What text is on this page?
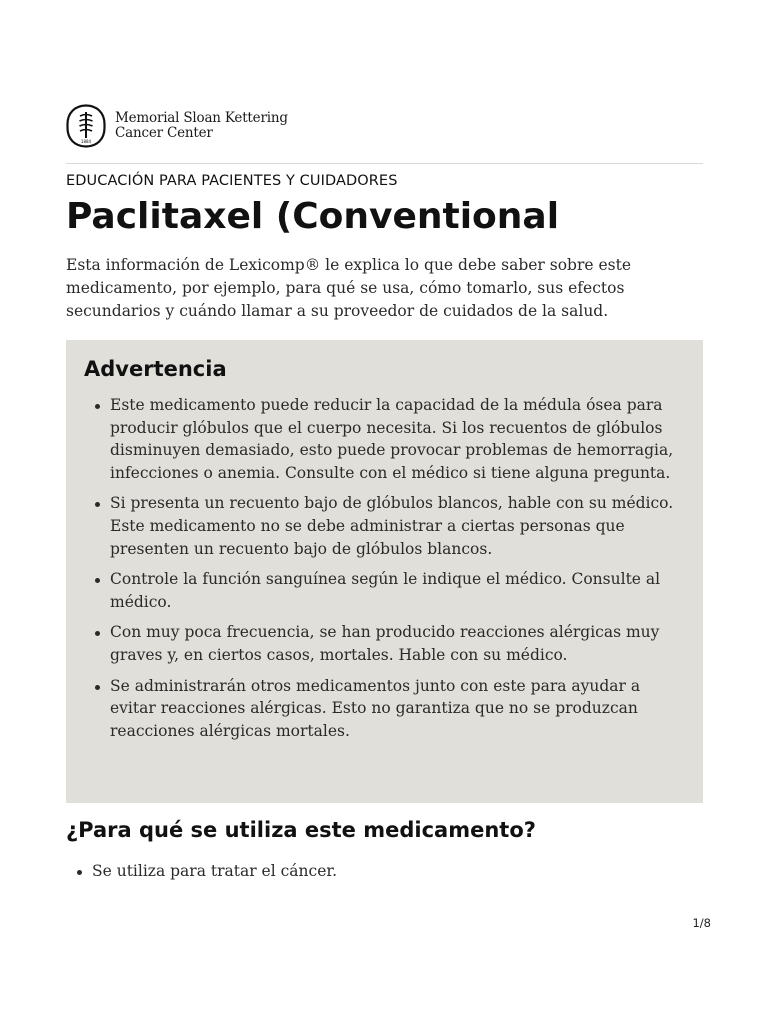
1884
Memorial Sloan Kettering
Cancer Center
EDUCACIÓN PARA PACIENTES Y CUIDADORES
Paclitaxel (Conventional

Esta información de Lexicomp® le explica lo que debe saber sobre este medicamento, por ejemplo, para qué se usa, cómo tomarlo, sus efectos secundarios y cuándo llamar a su proveedor de cuidados de la salud.

Advertencia
Este medicamento puede reducir la capacidad de la médula ósea para producir glóbulos que el cuerpo necesita. Si los recuentos de glóbulos disminuyen demasiado, esto puede provocar problemas de hemorragia, infecciones o anemia. Consulte con el médico si tiene alguna pregunta.
Si presenta un recuento bajo de glóbulos blancos, hable con su médico. Este medicamento no se debe administrar a ciertas personas que presenten un recuento bajo de glóbulos blancos.
Controle la función sanguínea según le indique el médico. Consulte al médico.
Con muy poca frecuencia, se han producido reacciones alérgicas muy graves y, en ciertos casos, mortales. Hable con su médico.
Se administrarán otros medicamentos junto con este para ayudar a evitar reacciones alérgicas. Esto no garantiza que no se produzcan reacciones alérgicas mortales.
¿Para qué se utiliza este medicamento?
Se utiliza para tratar el cáncer.
1/8
